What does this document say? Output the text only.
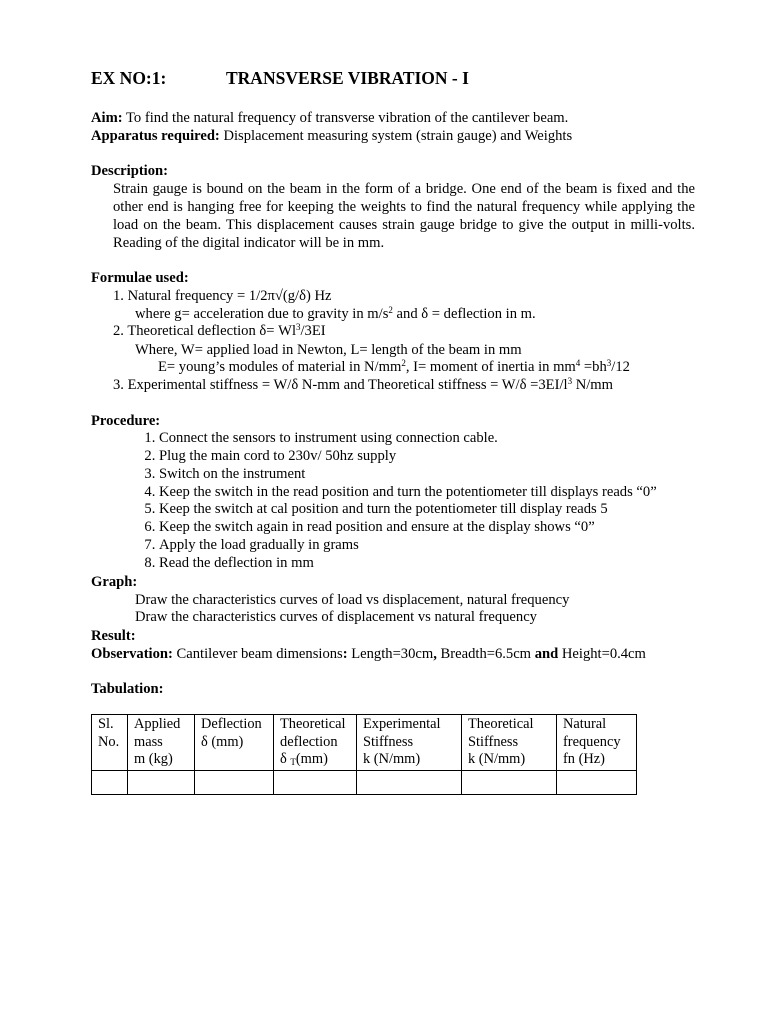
EX NO:1:	TRANSVERSE VIBRATION - I
Aim: To find the natural frequency of transverse vibration of the cantilever beam.
Apparatus required: Displacement measuring system (strain gauge) and Weights
Description:
Strain gauge is bound on the beam in the form of a bridge. One end of the beam is fixed and the other end is hanging free for keeping the weights to find the natural frequency while applying the load on the beam. This displacement causes strain gauge bridge to give the output in milli-volts. Reading of the digital indicator will be in mm.
Formulae used:
1. Natural frequency = 1/2π√(g/δ) Hz
where g= acceleration due to gravity in $m/s^2$ and δ = deflection in m.
2. Theoretical deflection $\delta= Wl^3/3EI$
Where, W= applied load in Newton, L= length of the beam in mm
E= young’s modules of material in $N/mm^2$, I= moment of inertia in $mm^4 =bh^3/12$
3. Experimental stiffness = W/δ N-mm and Theoretical stiffness = $W/\delta =3EI/l^3$ N/mm
Procedure:
1. Connect the sensors to instrument using connection cable.
2. Plug the main cord to 230v/ 50hz supply
3. Switch on the instrument
4. Keep the switch in the read position and turn the potentiometer till displays reads “0”
5. Keep the switch at cal position and turn the potentiometer till display reads 5
6. Keep the switch again in read position and ensure at the display shows “0”
7. Apply the load gradually in grams
8. Read the deflection in mm
Graph:
Draw the characteristics curves of load vs displacement, natural frequency
Draw the characteristics curves of displacement vs natural frequency
Result:
Observation: Cantilever beam dimensions: Length=30cm, Breadth=6.5cm and Height=0.4cm
Tabulation:
Sl.
No.	Applied
mass
m (kg)	Deflection
δ (mm)	Theoretical
deflection
δ $_T$(mm)	Experimental
Stiffness
k (N/mm)	Theoretical
Stiffness
k (N/mm)	Natural
frequency
fn (Hz)
